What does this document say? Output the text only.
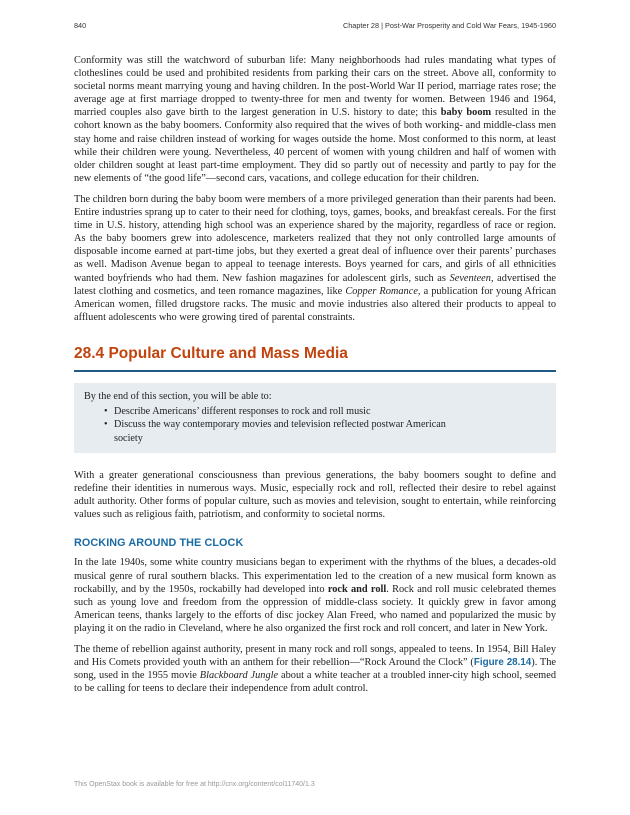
840	Chapter 28 | Post-War Prosperity and Cold War Fears, 1945-1960

Conformity was still the watchword of suburban life: Many neighborhoods had rules mandating what types of clotheslines could be used and prohibited residents from parking their cars on the street. Above all, conformity to societal norms meant marrying young and having children. In the post-World War II period, marriage rates rose; the average age at first marriage dropped to twenty-three for men and twenty for women. Between 1946 and 1964, married couples also gave birth to the largest generation in U.S. history to date; this baby boom resulted in the cohort known as the baby boomers. Conformity also required that the wives of both working- and middle-class men stay home and raise children instead of working for wages outside the home. Most conformed to this norm, at least while their children were young. Nevertheless, 40 percent of women with young children and half of women with older children sought at least part-time employment. They did so partly out of necessity and partly to pay for the new elements of “the good life”—second cars, vacations, and college education for their children.

The children born during the baby boom were members of a more privileged generation than their parents had been. Entire industries sprang up to cater to their need for clothing, toys, games, books, and breakfast cereals. For the first time in U.S. history, attending high school was an experience shared by the majority, regardless of race or region. As the baby boomers grew into adolescence, marketers realized that they not only controlled large amounts of disposable income earned at part-time jobs, but they exerted a great deal of influence over their parents’ purchases as well. Madison Avenue began to appeal to teenage interests. Boys yearned for cars, and girls of all ethnicities wanted boyfriends who had them. New fashion magazines for adolescent girls, such as Seventeen, advertised the latest clothing and cosmetics, and teen romance magazines, like Copper Romance, a publication for young African American women, filled drugstore racks. The music and movie industries also altered their products to appeal to affluent adolescents who were growing tired of parental constraints.

28.4 Popular Culture and Mass Media
By the end of this section, you will be able to:
• Describe Americans’ different responses to rock and roll music
• Discuss the way contemporary movies and television reflected postwar American society

With a greater generational consciousness than previous generations, the baby boomers sought to define and redefine their identities in numerous ways. Music, especially rock and roll, reflected their desire to rebel against adult authority. Other forms of popular culture, such as movies and television, sought to entertain, while reinforcing values such as religious faith, patriotism, and conformity to societal norms.

ROCKING AROUND THE CLOCK

In the late 1940s, some white country musicians began to experiment with the rhythms of the blues, a decades-old musical genre of rural southern blacks. This experimentation led to the creation of a new musical form known as rockabilly, and by the 1950s, rockabilly had developed into rock and roll. Rock and roll music celebrated themes such as young love and freedom from the oppression of middle-class society. It quickly grew in favor among American teens, thanks largely to the efforts of disc jockey Alan Freed, who named and popularized the music by playing it on the radio in Cleveland, where he also organized the first rock and roll concert, and later in New York.

The theme of rebellion against authority, present in many rock and roll songs, appealed to teens. In 1954, Bill Haley and His Comets provided youth with an anthem for their rebellion—“Rock Around the Clock” (Figure 28.14). The song, used in the 1955 movie Blackboard Jungle about a white teacher at a troubled inner-city high school, seemed to be calling for teens to declare their independence from adult control.

This OpenStax book is available for free at http://cnx.org/content/col11740/1.3
